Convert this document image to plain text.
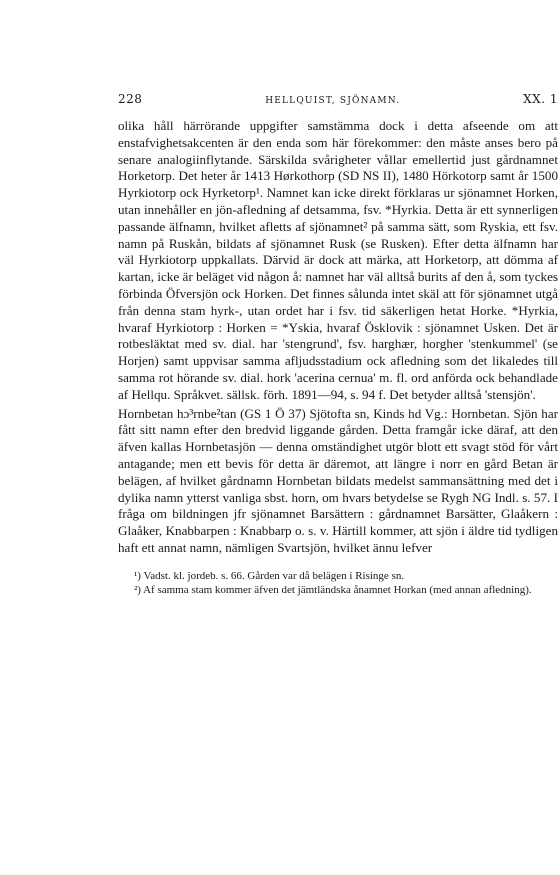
228	HELLQUIST, SJÖNAMN.	XX. 1

olika håll härrörande uppgifter samstämma dock i detta afseende om att enstafvighetsakcenten är den enda som här förekommer: den måste anses bero på senare analogiinflytande. Särskilda svårigheter vållar emellertid just gårdnamnet Horketorp. Det heter år 1413 Hørkothorp (SD NS II), 1480 Hörkotorp samt år 1500 Hyrkiotorp ock Hyrketorp¹. Namnet kan icke direkt förklaras ur sjönamnet Horken, utan innehåller en jön-afledning af detsamma, fsv. *Hyrkia. Detta är ett synnerligen passande älfnamn, hvilket afletts af sjönamnet² på samma sätt, som Ryskia, ett fsv. namn på Ruskån, bildats af sjönamnet Rusk (se Rusken). Efter detta älfnamn har väl Hyrkiotorp uppkallats. Därvid är dock att märka, att Horketorp, att dömma af kartan, icke är beläget vid någon å: namnet har väl alltså burits af den å, som tyckes förbinda Öfversjön ock Horken. Det finnes sålunda intet skäl att för sjönamnet utgå från denna stam hyrk-, utan ordet har i fsv. tid säkerligen hetat Horke. *Hyrkia, hvaraf Hyrkiotorp : Horken = *Yskia, hvaraf Ösklovik : sjönamnet Usken. Det är rotbesläktat med sv. dial. har 'stengrund', fsv. harghær, horgher 'stenkummel' (se Horjen) samt uppvisar samma afljudsstadium ock afledning som det likaledes till samma rot hörande sv. dial. hork 'acerina cernua' m. fl. ord anförda ock behandlade af Hellqu. Språkvet. sällsk. förh. 1891—94, s. 94 f. Det betyder alltså 'stensjön'.

Hornbetan hɔ³rnbe²tan (GS 1 Ö 37) Sjötofta sn, Kinds hd Vg.: Hornbetan. Sjön har fått sitt namn efter den bredvid liggande gården. Detta framgår icke däraf, att den äfven kallas Hornbetasjön — denna omständighet utgör blott ett svagt stöd för vårt antagande; men ett bevis för detta är däremot, att längre i norr en gård Betan är belägen, af hvilket gårdnamn Hornbetan bildats medelst sammansättning med det i dylika namn ytterst vanliga sbst. horn, om hvars betydelse se Rygh NG Indl. s. 57. I fråga om bildningen jfr sjönamnet Barsättern : gårdnamnet Barsätter, Glaåkern : Glaåker, Knabbarpen : Knabbarp o. s. v. Härtill kommer, att sjön i äldre tid tydligen haft ett annat namn, nämligen Svartsjön, hvilket ännu lefver

¹) Vadst. kl. jordeb. s. 66. Gården var då belägen i Risinge sn.

²) Af samma stam kommer äfven det jämtländska ånamnet Horkan (med annan afledning).
